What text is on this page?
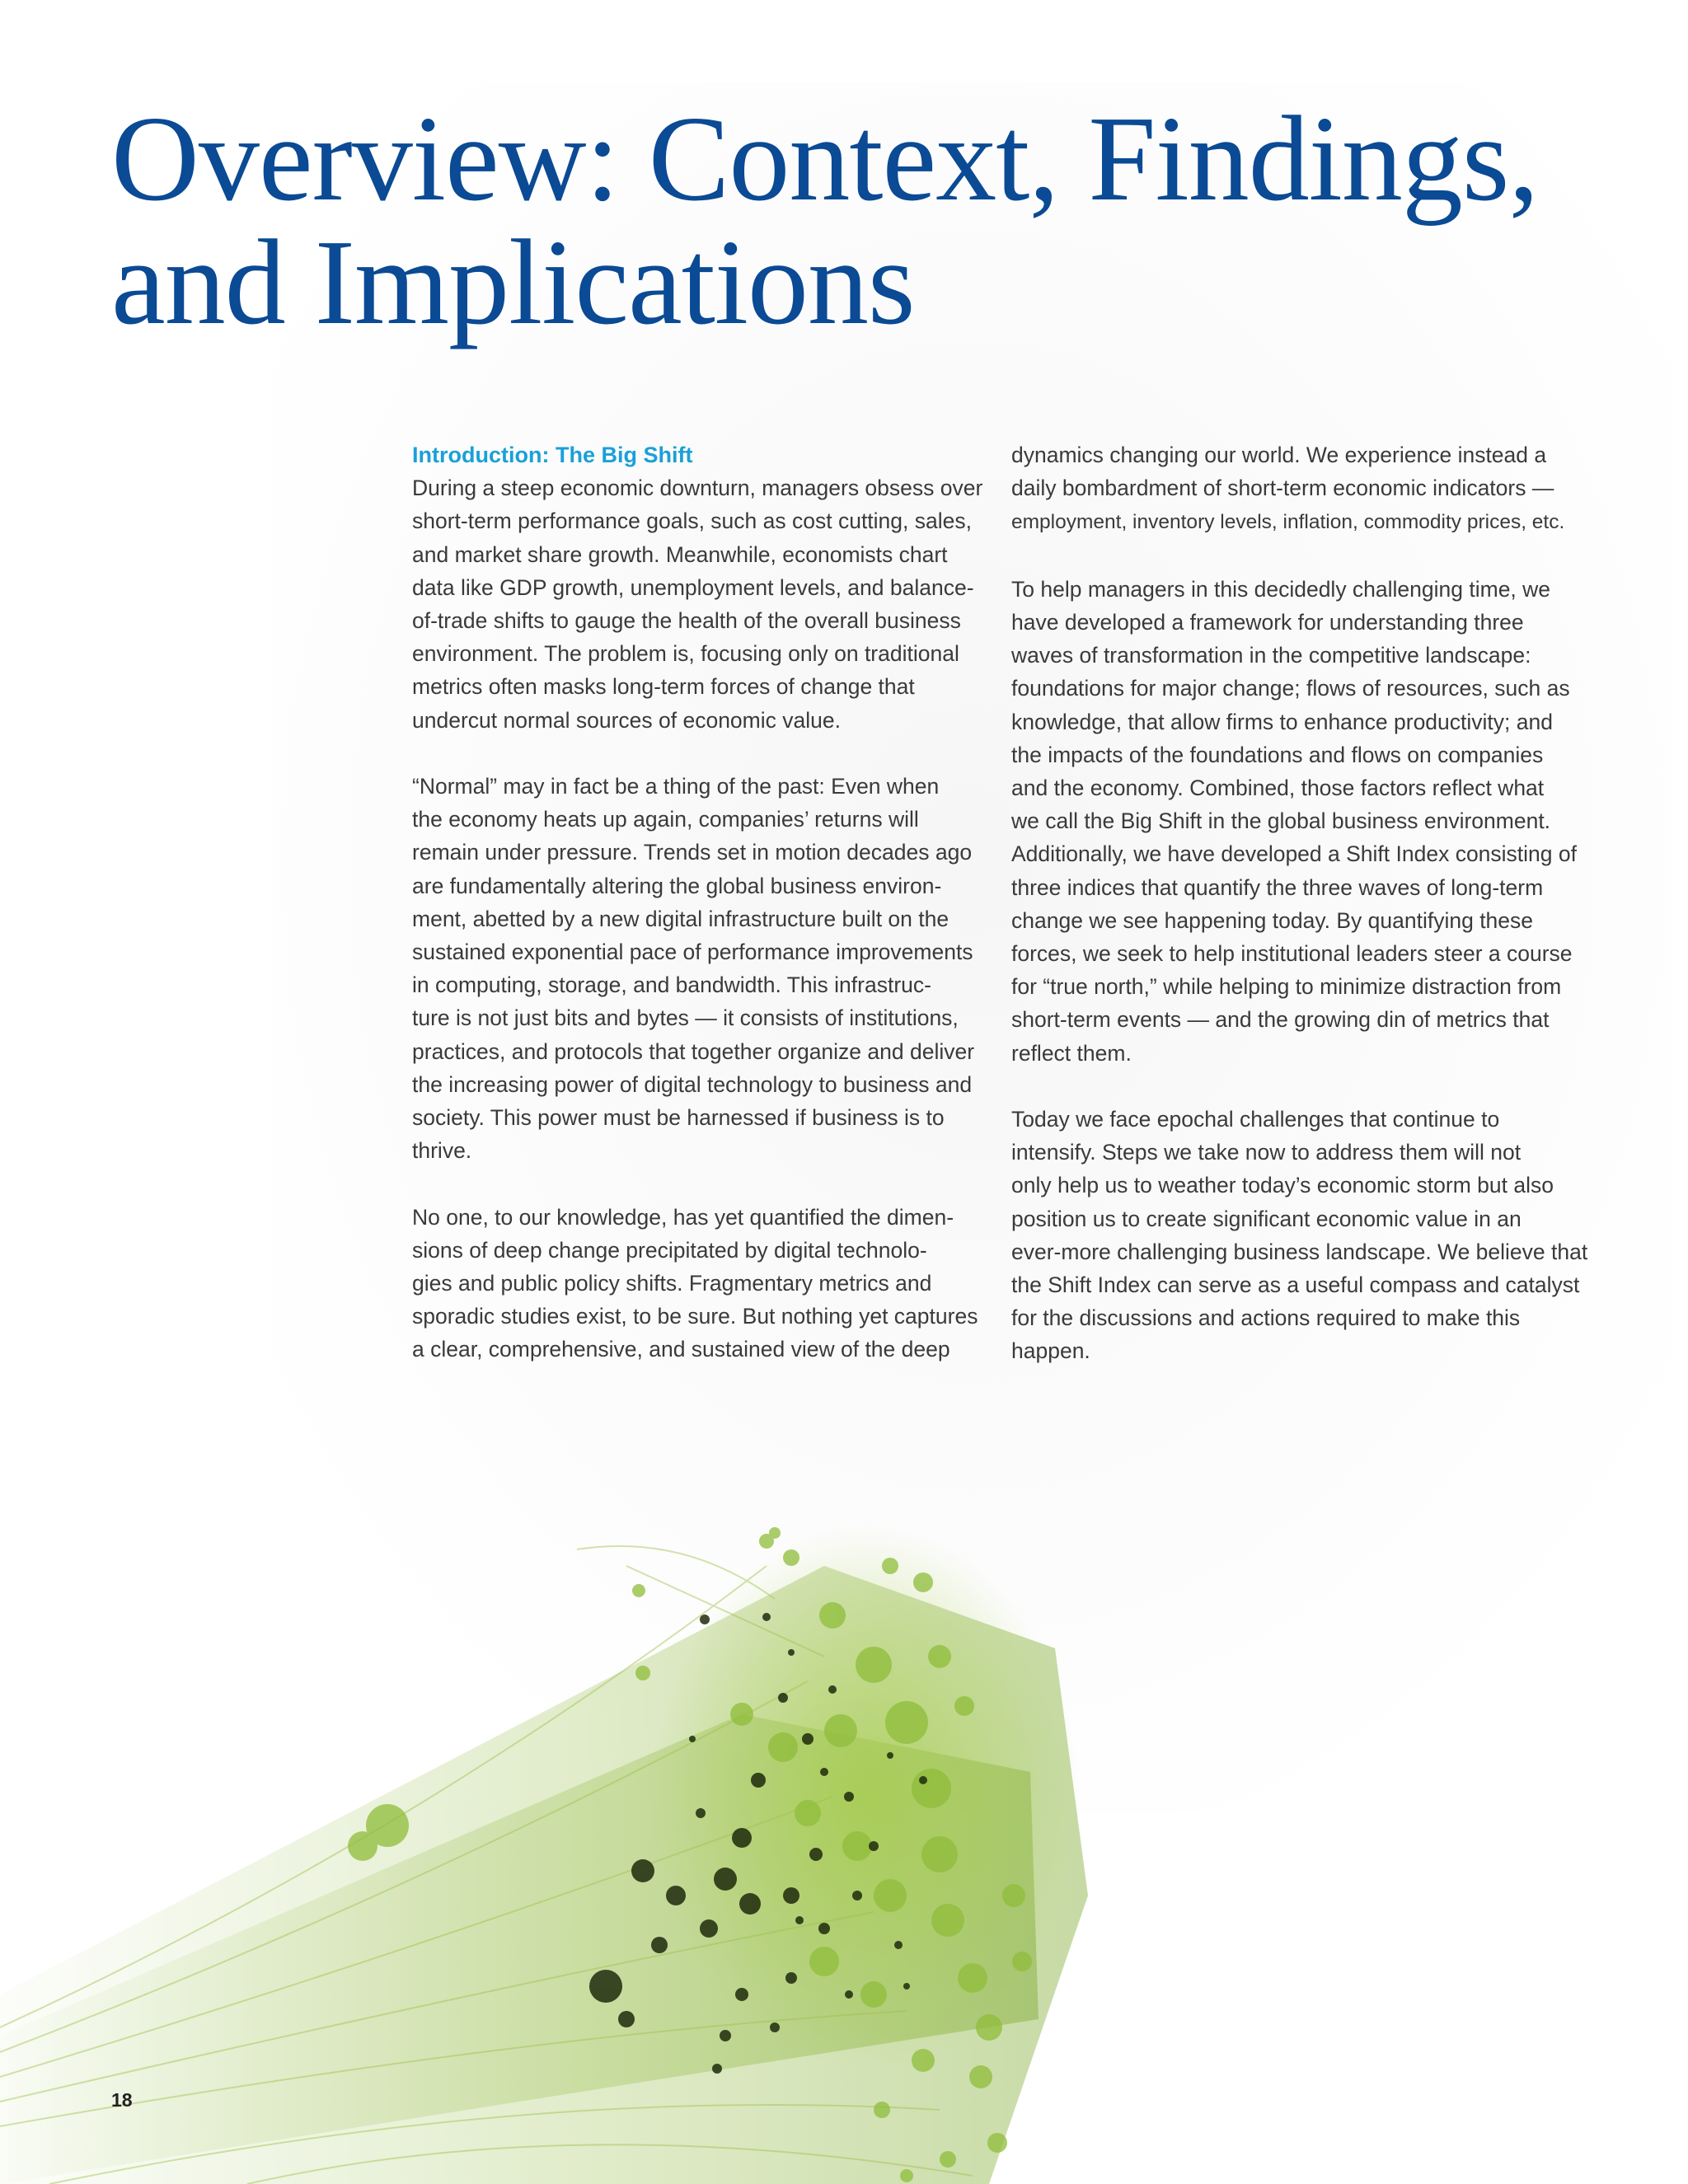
Overview: Context, Findings,
and Implications
Introduction: The Big Shift

During a steep economic downturn, managers obsess over
short-term performance goals, such as cost cutting, sales,
and market share growth. Meanwhile, economists chart
data like GDP growth, unemployment levels, and balance-
of-trade shifts to gauge the health of the overall business
environment. The problem is, focusing only on traditional
metrics often masks long-term forces of change that
undercut normal sources of economic value.

“Normal” may in fact be a thing of the past: Even when
the economy heats up again, companies’ returns will
remain under pressure. Trends set in motion decades ago
are fundamentally altering the global business environ-
ment, abetted by a new digital infrastructure built on the
sustained exponential pace of performance improvements
in computing, storage, and bandwidth. This infrastruc-
ture is not just bits and bytes — it consists of institutions,
practices, and protocols that together organize and deliver
the increasing power of digital technology to business and
society. This power must be harnessed if business is to
thrive.

No one, to our knowledge, has yet quantified the dimen-
sions of deep change precipitated by digital technolo-
gies and public policy shifts. Fragmentary metrics and
sporadic studies exist, to be sure. But nothing yet captures
a clear, comprehensive, and sustained view of the deep

dynamics changing our world. We experience instead a
daily bombardment of short-term economic indicators —
employment, inventory levels, inflation, commodity prices, etc.

To help managers in this decidedly challenging time, we
have developed a framework for understanding three
waves of transformation in the competitive landscape:
foundations for major change; flows of resources, such as
knowledge, that allow firms to enhance productivity; and
the impacts of the foundations and flows on companies
and the economy. Combined, those factors reflect what
we call the Big Shift in the global business environment.
Additionally, we have developed a Shift Index consisting of
three indices that quantify the three waves of long-term
change we see happening today. By quantifying these
forces, we seek to help institutional leaders steer a course
for “true north,” while helping to minimize distraction from
short-term events — and the growing din of metrics that
reflect them.

Today we face epochal challenges that continue to
intensify. Steps we take now to address them will not
only help us to weather today’s economic storm but also
position us to create significant economic value in an
ever-more challenging business landscape. We believe that
the Shift Index can serve as a useful compass and catalyst
for the discussions and actions required to make this
happen.

18
